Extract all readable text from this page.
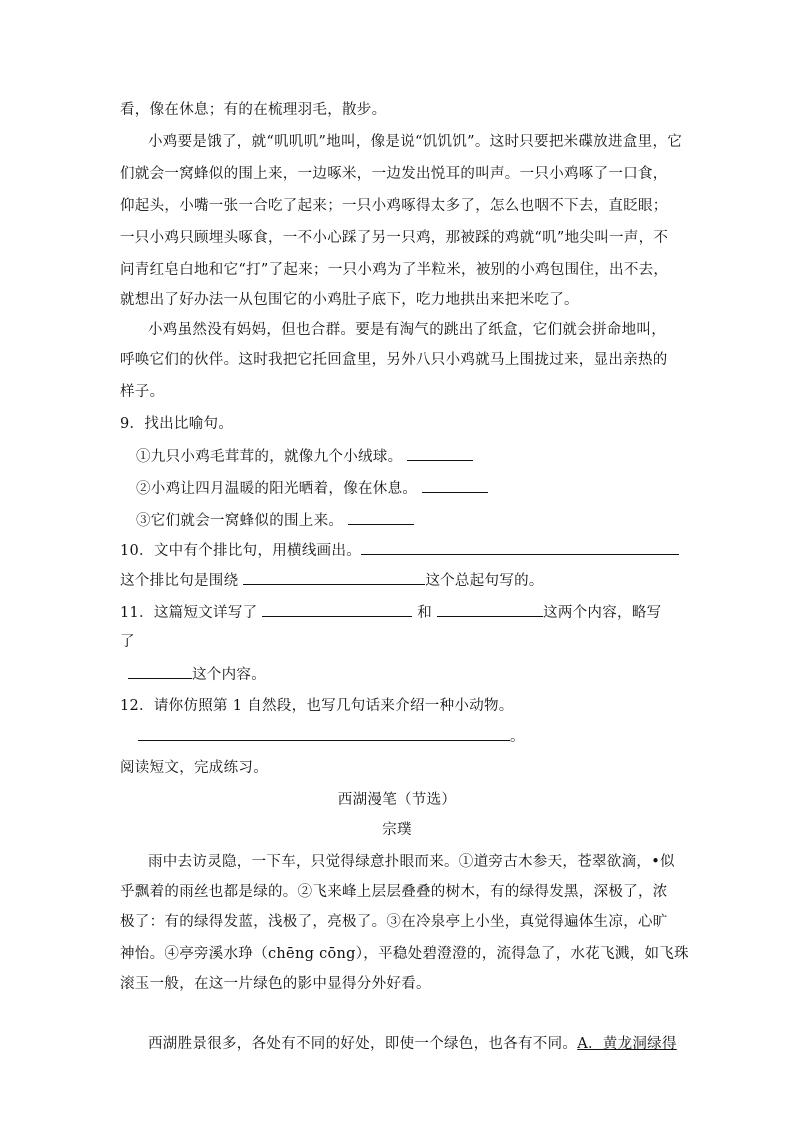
看，像在休息；有的在梳理羽毛，散步。
小鸡要是饿了，就“叽叽叽”地叫，像是说“饥饥饥”。这时只要把米碟放进盒里，它
们就会一窝蜂似的围上来，一边啄米，一边发出悦耳的叫声。一只小鸡啄了一口食，
仰起头，小嘴一张一合吃了起来；一只小鸡啄得太多了，怎么也咽不下去，直眨眼；
一只小鸡只顾埋头啄食，一不小心踩了另一只鸡，那被踩的鸡就“叽”地尖叫一声，不
问青红皂白地和它“打”了起来；一只小鸡为了半粒米，被别的小鸡包围住，出不去，
就想出了好办法一从包围它的小鸡肚子底下，吃力地拱出来把米吃了。
小鸡虽然没有妈妈，但也合群。要是有淘气的跳出了纸盒，它们就会拼命地叫，
呼唤它们的伙伴。这时我把它托回盒里，另外八只小鸡就马上围拢过来，显出亲热的
样子。
9．找出比喻句。
①九只小鸡毛茸茸的，就像九个小绒球。
②小鸡让四月温暖的阳光晒着，像在休息。
③它们就会一窝蜂似的围上来。
10．文中有个排比句，用横线画出。
这个排比句是围绕	这个总起句写的。
11．这篇短文详写了	和	这两个内容，略写
了
这个内容。
12．请你仿照第 1 自然段，也写几句话来介绍一种小动物。
。
阅读短文，完成练习。
西湖漫笔（节选）
宗璞
雨中去访灵隐，一下车，只觉得绿意扑眼而来。①道旁古木参天，苍翠欲滴，•似
乎飘着的雨丝也都是绿的。②飞来峰上层层叠叠的树木，有的绿得发黑，深极了，浓
极了：有的绿得发蓝，浅极了，亮极了。③在冷泉亭上小坐，真觉得遍体生凉，心旷
神怡。④亭旁溪水琤（chēng cōng），平稳处碧澄澄的，流得急了，水花飞溅，如飞珠
滚玉一般，在这一片绿色的影中显得分外好看。
西湖胜景很多，各处有不同的好处，即使一个绿色，也各有不同。A．黄龙洞绿得
